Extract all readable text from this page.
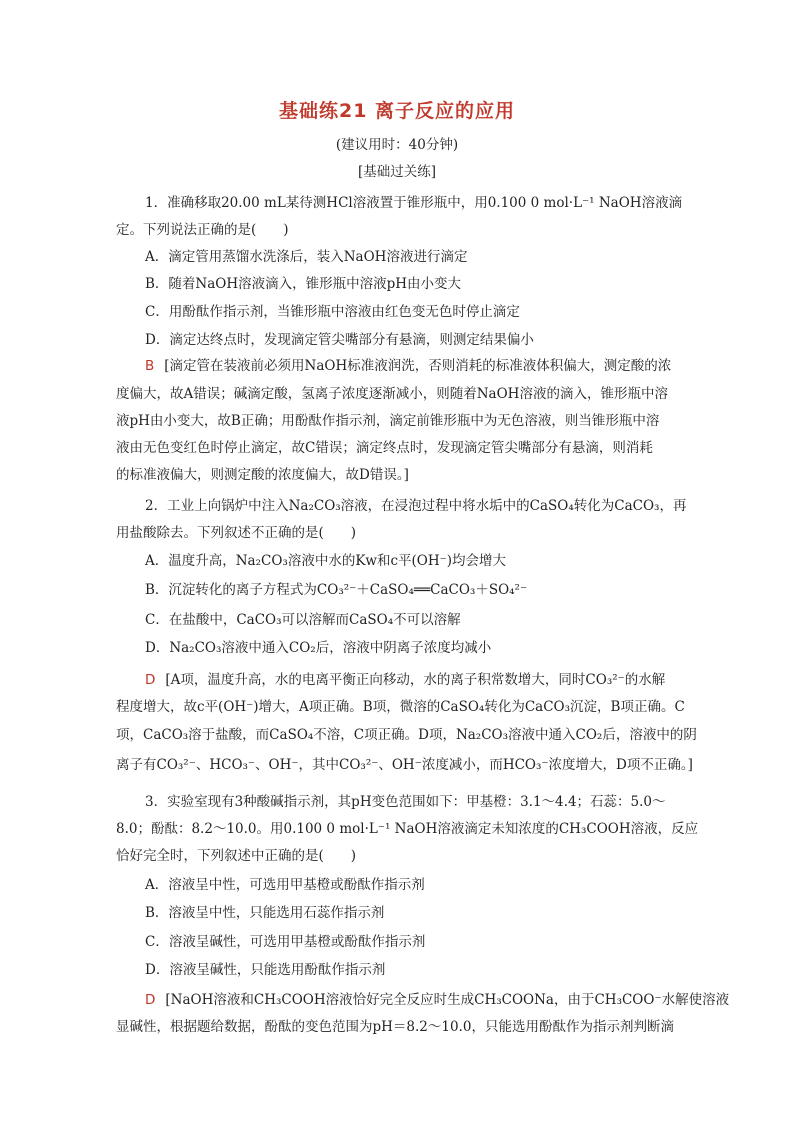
基础练21 离子反应的应用
(建议用时：40分钟)
[基础过关练]
1．准确移取20.00 mL某待测HCl溶液置于锥形瓶中，用0.100 0 mol·L⁻¹ NaOH溶液滴
定。下列说法正确的是(　　)
A．滴定管用蒸馏水洗涤后，装入NaOH溶液进行滴定
B．随着NaOH溶液滴入，锥形瓶中溶液pH由小变大
C．用酚酞作指示剂，当锥形瓶中溶液由红色变无色时停止滴定
D．滴定达终点时，发现滴定管尖嘴部分有悬滴，则测定结果偏小
B [滴定管在装液前必须用NaOH标准液润洗，否则消耗的标准液体积偏大，测定酸的浓
度偏大，故A错误；碱滴定酸，氢离子浓度逐渐减小，则随着NaOH溶液的滴入，锥形瓶中溶
液pH由小变大，故B正确；用酚酞作指示剂，滴定前锥形瓶中为无色溶液，则当锥形瓶中溶
液由无色变红色时停止滴定，故C错误；滴定终点时，发现滴定管尖嘴部分有悬滴，则消耗
的标准液偏大，则测定酸的浓度偏大，故D错误。]
2．工业上向锅炉中注入Na₂CO₃溶液，在浸泡过程中将水垢中的CaSO₄转化为CaCO₃，再
用盐酸除去。下列叙述不正确的是(　　)
A．温度升高，Na₂CO₃溶液中水的Kw和c平(OH⁻)均会增大
B．沉淀转化的离子方程式为CO₃²⁻＋CaSO₄══CaCO₃＋SO₄²⁻
C．在盐酸中，CaCO₃可以溶解而CaSO₄不可以溶解
D．Na₂CO₃溶液中通入CO₂后，溶液中阴离子浓度均减小
D [A项，温度升高，水的电离平衡正向移动，水的离子积常数增大，同时CO₃²⁻的水解
程度增大，故c平(OH⁻)增大，A项正确。B项，微溶的CaSO₄转化为CaCO₃沉淀，B项正确。C
项，CaCO₃溶于盐酸，而CaSO₄不溶，C项正确。D项，Na₂CO₃溶液中通入CO₂后，溶液中的阴
离子有CO₃²⁻、HCO₃⁻、OH⁻，其中CO₃²⁻、OH⁻浓度减小，而HCO₃⁻浓度增大，D项不正确。]
3．实验室现有3种酸碱指示剂，其pH变色范围如下：甲基橙：3.1～4.4；石蕊：5.0～
8.0；酚酞：8.2～10.0。用0.100 0 mol·L⁻¹ NaOH溶液滴定未知浓度的CH₃COOH溶液，反应
恰好完全时，下列叙述中正确的是(　　)
A．溶液呈中性，可选用甲基橙或酚酞作指示剂
B．溶液呈中性，只能选用石蕊作指示剂
C．溶液呈碱性，可选用甲基橙或酚酞作指示剂
D．溶液呈碱性，只能选用酚酞作指示剂
D [NaOH溶液和CH₃COOH溶液恰好完全反应时生成CH₃COONa，由于CH₃COO⁻水解使溶液
显碱性，根据题给数据，酚酞的变色范围为pH＝8.2～10.0，只能选用酚酞作为指示剂判断滴
